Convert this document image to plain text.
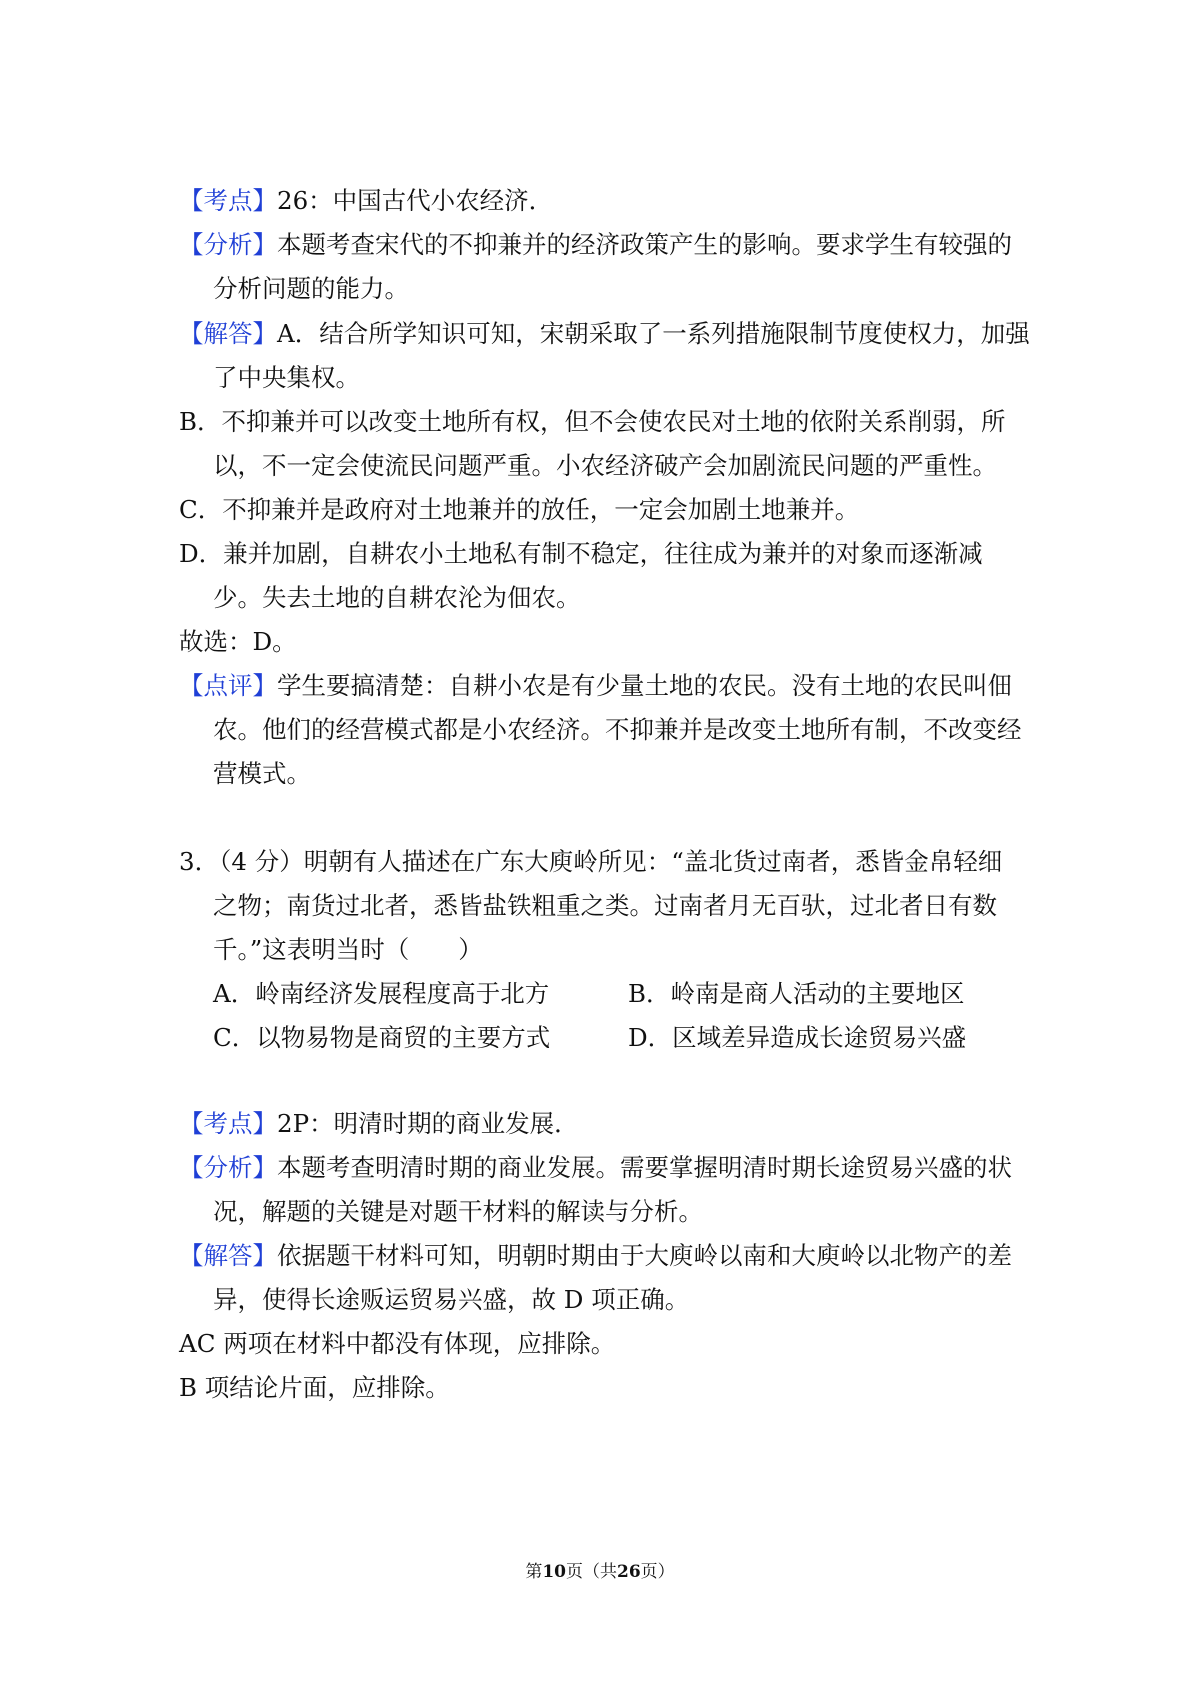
【考点】26：中国古代小农经济．
【分析】本题考查宋代的不抑兼并的经济政策产生的影响。要求学生有较强的
分析问题的能力。
【解答】A．结合所学知识可知，宋朝采取了一系列措施限制节度使权力，加强
了中央集权。
B．不抑兼并可以改变土地所有权，但不会使农民对土地的依附关系削弱，所
以，不一定会使流民问题严重。小农经济破产会加剧流民问题的严重性。
C．不抑兼并是政府对土地兼并的放任，一定会加剧土地兼并。
D．兼并加剧，自耕农小土地私有制不稳定，往往成为兼并的对象而逐渐减
少。失去土地的自耕农沦为佃农。
故选：D。
【点评】学生要搞清楚：自耕小农是有少量土地的农民。没有土地的农民叫佃
农。他们的经营模式都是小农经济。不抑兼并是改变土地所有制，不改变经
营模式。
3．（4 分）明朝有人描述在广东大庾岭所见：“盖北货过南者，悉皆金帛轻细
之物；南货过北者，悉皆盐铁粗重之类。过南者月无百驮，过北者日有数
千。”这表明当时（　　）
A．岭南经济发展程度高于北方	B．岭南是商人活动的主要地区
C．以物易物是商贸的主要方式	D．区域差异造成长途贸易兴盛
【考点】2P：明清时期的商业发展．
【分析】本题考查明清时期的商业发展。需要掌握明清时期长途贸易兴盛的状
况，解题的关键是对题干材料的解读与分析。
【解答】依据题干材料可知，明朝时期由于大庾岭以南和大庾岭以北物产的差
异，使得长途贩运贸易兴盛，故 D 项正确。
AC 两项在材料中都没有体现，应排除。
B 项结论片面，应排除。
第10页（共26页）
